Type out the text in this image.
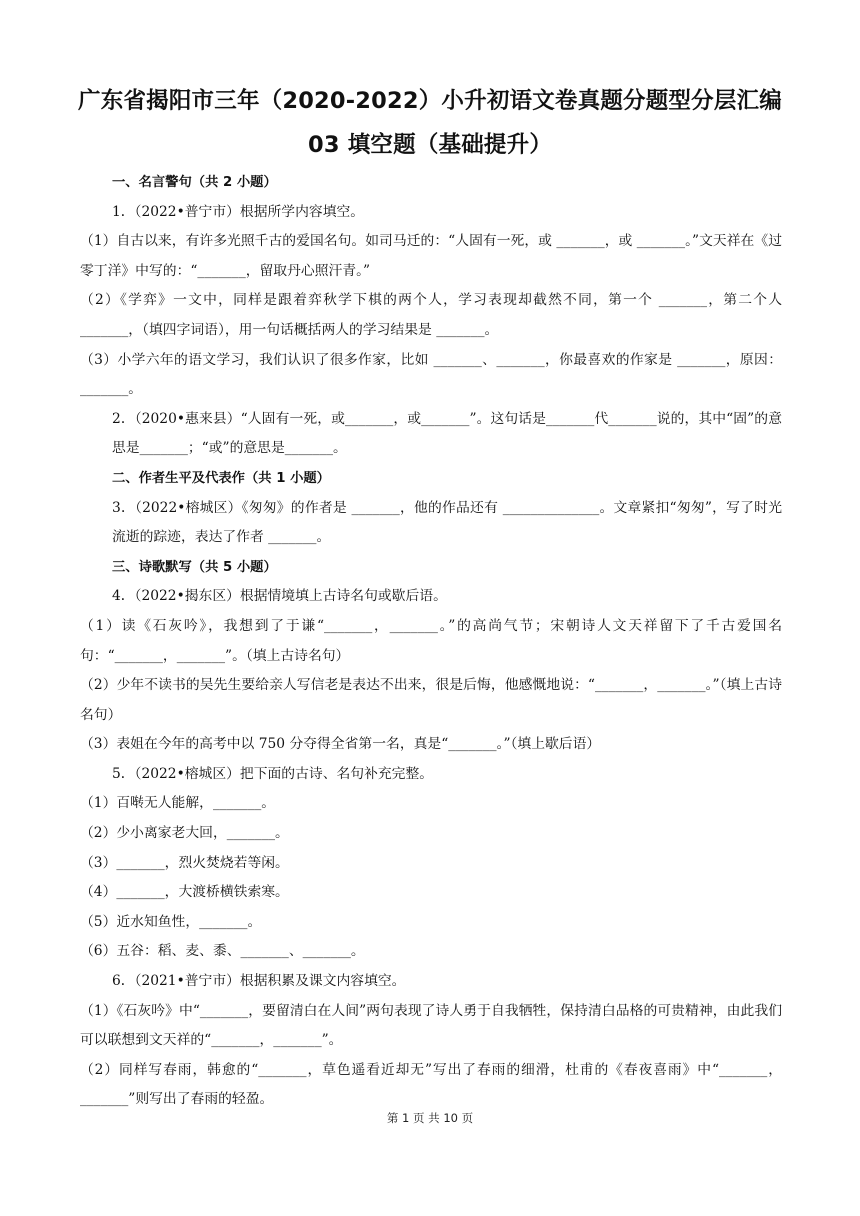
广东省揭阳市三年（2020-2022）小升初语文卷真题分题型分层汇编
03 填空题（基础提升）

一、名言警句（共 2 小题）

1．（2022•普宁市）根据所学内容填空。

（1）自古以来，有许多光照千古的爱国名句。如司马迁的：“人固有一死，或 _______，或 _______。”文天祥在《过零丁洋》中写的：“_______，留取丹心照汗青。”

（2）《学弈》一文中，同样是跟着弈秋学下棋的两个人，学习表现却截然不同，第一个 _______，第二个人 _______，（填四字词语），用一句话概括两人的学习结果是 _______。

（3）小学六年的语文学习，我们认识了很多作家，比如 _______、_______，你最喜欢的作家是 _______，原因：_______。

2．（2020•惠来县）“人固有一死，或_______，或_______”。这句话是_______代_______说的，其中“固”的意思是_______；“或”的意思是_______。

二、作者生平及代表作（共 1 小题）

3．（2022•榕城区）《匆匆》的作者是 _______，他的作品还有 ______________。文章紧扣“匆匆”，写了时光流逝的踪迹，表达了作者 _______。

三、诗歌默写（共 5 小题）

4．（2022•揭东区）根据情境填上古诗名句或歇后语。

（1）读《石灰吟》，我想到了于谦“_______，_______。”的高尚气节；宋朝诗人文天祥留下了千古爱国名句：“_______，_______”。（填上古诗名句）

（2）少年不读书的吴先生要给亲人写信老是表达不出来，很是后悔，他感慨地说：“_______，_______。”（填上古诗名句）

（3）表姐在今年的高考中以 750 分夺得全省第一名，真是“_______。”（填上歇后语）

5．（2022•榕城区）把下面的古诗、名句补充完整。

（1）百啭无人能解，_______。

（2）少小离家老大回，_______。

（3）_______，烈火焚烧若等闲。

（4）_______，大渡桥横铁索寒。

（5）近水知鱼性，_______。

（6）五谷：稻、麦、黍、_______、_______。

6．（2021•普宁市）根据积累及课文内容填空。

（1）《石灰吟》中“_______，要留清白在人间”两句表现了诗人勇于自我牺牲，保持清白品格的可贵精神，由此我们可以联想到文天祥的“_______，_______”。

（2）同样写春雨，韩愈的“_______，草色遥看近却无”写出了春雨的细滑，杜甫的《春夜喜雨》中“_______，_______”则写出了春雨的轻盈。

第 1 页 共 10 页
